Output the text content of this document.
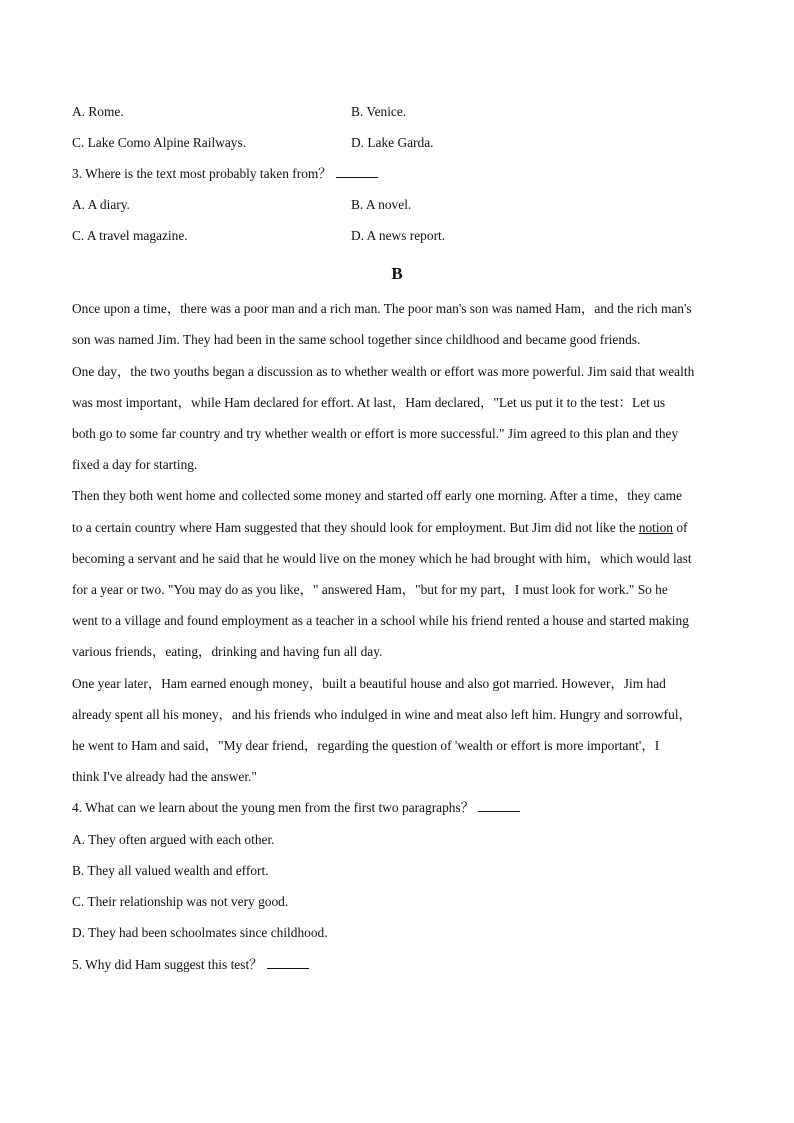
A. Rome.	B. Venice.
C. Lake Como Alpine Railways.	D. Lake Garda.
3. Where is the text most probably taken from？
A. A diary.	B. A novel.
C. A travel magazine.	D. A news report.
B
Once upon a time，there was a poor man and a rich man. The poor man's son was named Ham，and the rich man's
son was named Jim. They had been in the same school together since childhood and became good friends.
One day，the two youths began a discussion as to whether wealth or effort was more powerful. Jim said that wealth
was most important，while Ham declared for effort. At last，Ham declared，"Let us put it to the test：Let us
both go to some far country and try whether wealth or effort is more successful." Jim agreed to this plan and they
fixed a day for starting.
Then they both went home and collected some money and started off early one morning. After a time，they came
to a certain country where Ham suggested that they should look for employment. But Jim did not like the notion of
becoming a servant and he said that he would live on the money which he had brought with him，which would last
for a year or two. "You may do as you like，" answered Ham，"but for my part，I must look for work." So he
went to a village and found employment as a teacher in a school while his friend rented a house and started making
various friends，eating，drinking and having fun all day.
One year later，Ham earned enough money，built a beautiful house and also got married. However，Jim had
already spent all his money，and his friends who indulged in wine and meat also left him. Hungry and sorrowful，
he went to Ham and said，"My dear friend，regarding the question of 'wealth or effort is more important'，I
think I've already had the answer."
4. What can we learn about the young men from the first two paragraphs？
A. They often argued with each other.
B. They all valued wealth and effort.
C. Their relationship was not very good.
D. They had been schoolmates since childhood.
5. Why did Ham suggest this test？
